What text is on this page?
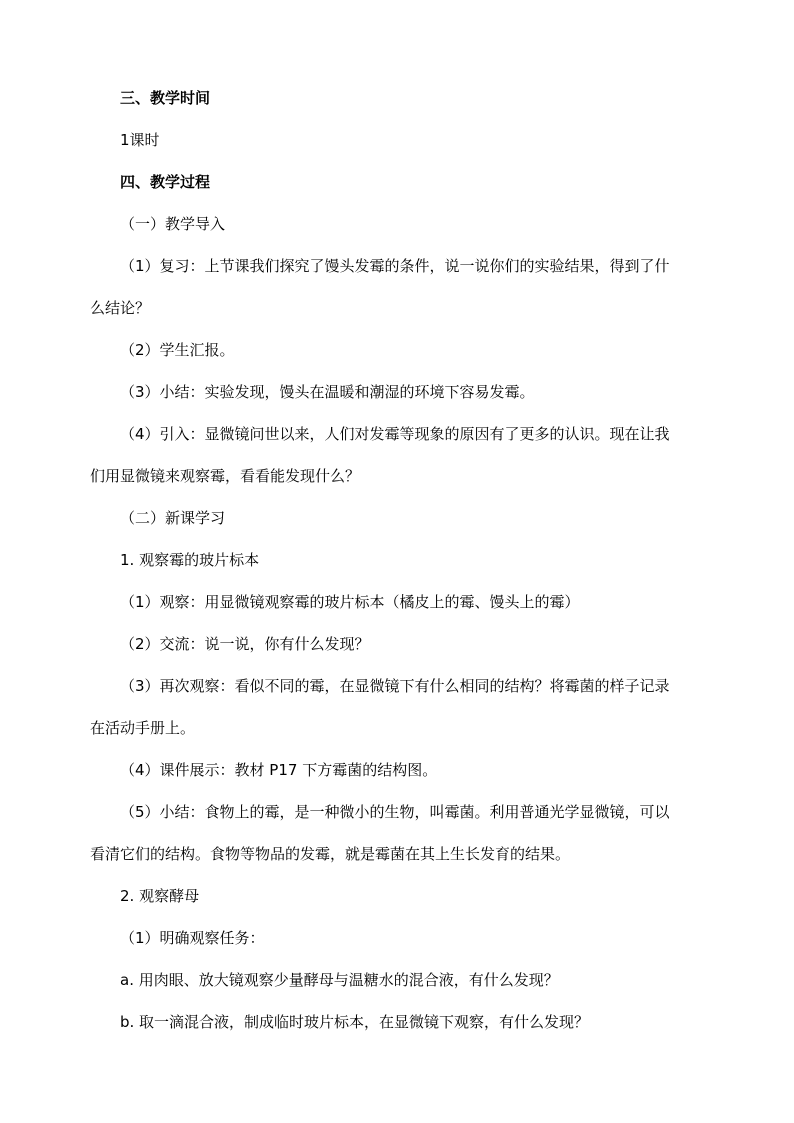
三、教学时间
1课时
四、教学过程
（一）教学导入
（1）复习：上节课我们探究了馒头发霉的条件，说一说你们的实验结果，得到了什
么结论？
（2）学生汇报。
（3）小结：实验发现，馒头在温暖和潮湿的环境下容易发霉。
（4）引入：显微镜问世以来，人们对发霉等现象的原因有了更多的认识。现在让我
们用显微镜来观察霉，看看能发现什么？
（二）新课学习
1. 观察霉的玻片标本
（1）观察：用显微镜观察霉的玻片标本（橘皮上的霉、馒头上的霉）
（2）交流：说一说，你有什么发现？
（3）再次观察：看似不同的霉，在显微镜下有什么相同的结构？将霉菌的样子记录
在活动手册上。
（4）课件展示：教材 P17 下方霉菌的结构图。
（5）小结：食物上的霉，是一种微小的生物，叫霉菌。利用普通光学显微镜，可以
看清它们的结构。食物等物品的发霉，就是霉菌在其上生长发育的结果。
2. 观察酵母
（1）明确观察任务：
a. 用肉眼、放大镜观察少量酵母与温糖水的混合液，有什么发现？
b. 取一滴混合液，制成临时玻片标本，在显微镜下观察，有什么发现？
